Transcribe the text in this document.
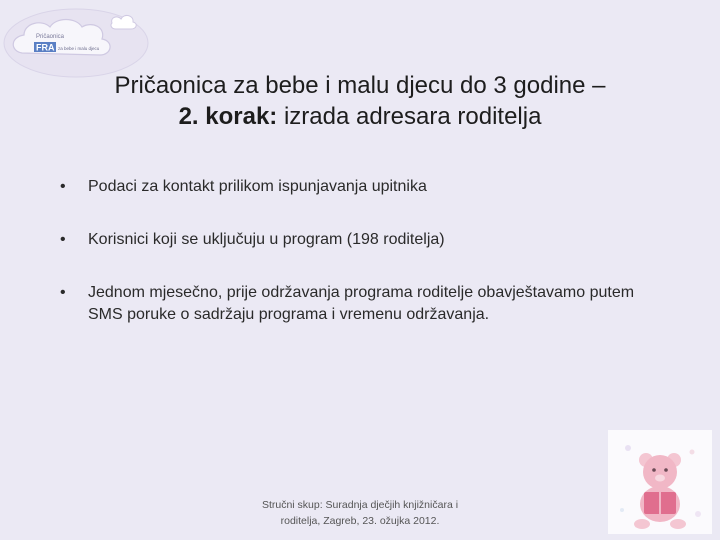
Pričaonica
FRA za bebe i malu djecu
Pričaonica za bebe i malu djecu do 3 godine –
2. korak: izrada adresara roditelja
•	Podaci za kontakt prilikom ispunjavanja upitnika
•	Korisnici koji se uključuju u program (198 roditelja)
•	Jednom mjesečno, prije održavanja programa roditelje obavještavamo putem SMS poruke o sadržaju programa i vremenu održavanja.
Stručni skup: Suradnja dječjih knjižničara i
roditelja, Zagreb, 23. ožujka 2012.
